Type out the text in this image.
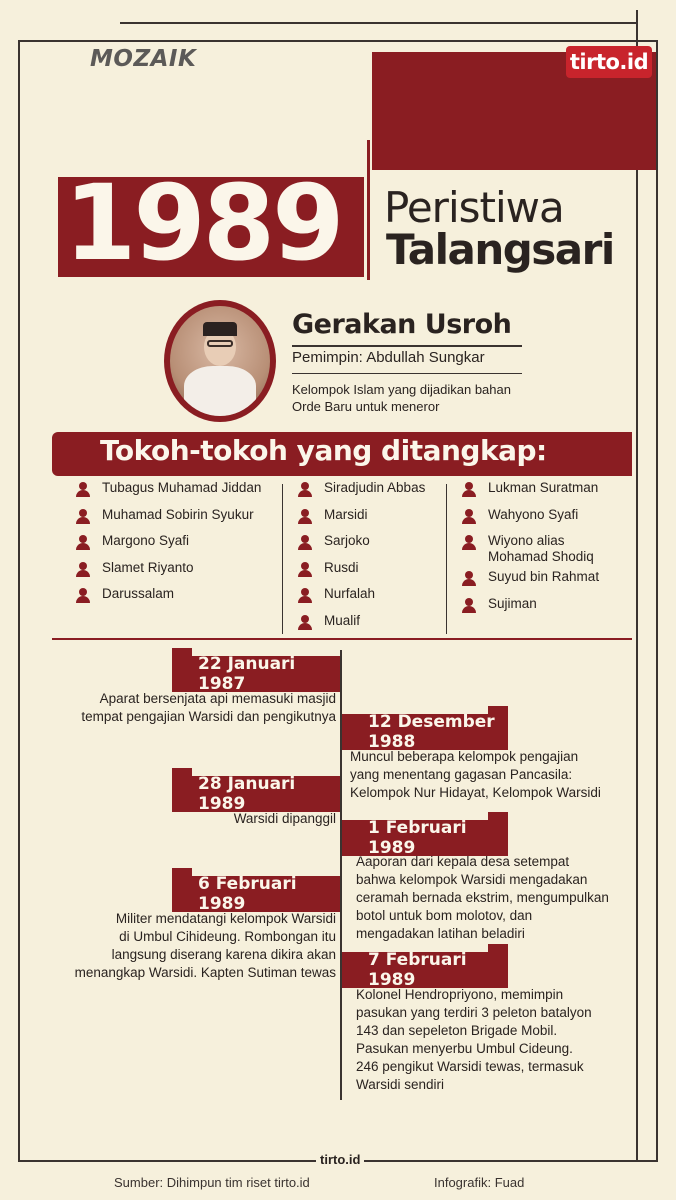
MOZAIK	tirto.id
1989	Peristiwa
Talangsari
Gerakan Usroh
Pemimpin: Abdullah Sungkar
Kelompok Islam yang dijadikan bahan
Orde Baru untuk meneror
Tokoh-tokoh yang ditangkap:
Tubagus Muhamad Jiddan
Muhamad Sobirin Syukur
Margono Syafi
Slamet Riyanto
Darussalam
Siradjudin Abbas
Marsidi
Sarjoko
Rusdi
Nurfalah
Mualif
Lukman Suratman
Wahyono Syafi
Wiyono alias
Mohamad Shodiq
Suyud bin Rahmat
Sujiman
22 Januari 1987
Aparat bersenjata api memasuki masjid
tempat pengajian Warsidi dan pengikutnya	12 Desember 1988
Muncul beberapa kelompok pengajian
yang menentang gagasan Pancasila:
Kelompok Nur Hidayat, Kelompok Warsidi
28 Januari 1989
Warsidi dipanggil	1 Februari 1989
Aaporan dari kepala desa setempat
bahwa kelompok Warsidi mengadakan
ceramah bernada ekstrim, mengumpulkan
botol untuk bom molotov, dan
mengadakan latihan beladiri
6 Februari 1989
Militer mendatangi kelompok Warsidi
di Umbul Cihideung. Rombongan itu
langsung diserang karena dikira akan
menangkap Warsidi. Kapten Sutiman tewas
7 Februari 1989
Kolonel Hendropriyono, memimpin
pasukan yang terdiri 3 peleton batalyon
143 dan sepeleton Brigade Mobil.
Pasukan menyerbu Umbul Cideung.
246 pengikut Warsidi tewas, termasuk
Warsidi sendiri
tirto.id
Sumber: Dihimpun tim riset tirto.id	Infografik: Fuad
